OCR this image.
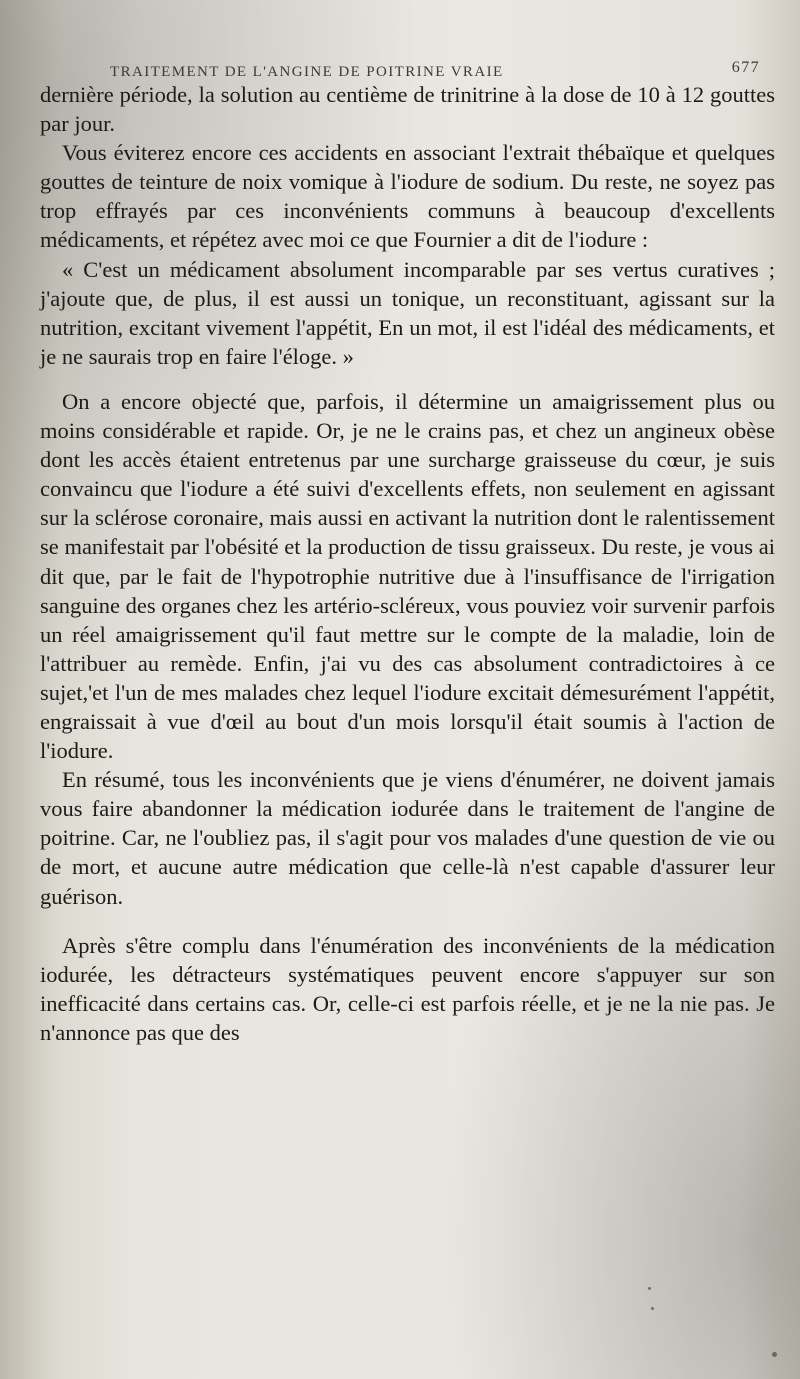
TRAITEMENT DE L'ANGINE DE POITRINE VRAIE	677

dernière période, la solution au centième de trinitrine à la dose de 10 à 12 gouttes par jour.

Vous éviterez encore ces accidents en associant l'extrait thébaïque et quelques gouttes de teinture de noix vomique à l'iodure de sodium. Du reste, ne soyez pas trop effrayés par ces inconvénients communs à beaucoup d'excellents médicaments, et répétez avec moi ce que Fournier a dit de l'iodure :

« C'est un médicament absolument incomparable par ses vertus curatives ; j'ajoute que, de plus, il est aussi un tonique, un reconstituant, agissant sur la nutrition, excitant vivement l'appétit, En un mot, il est l'idéal des médicaments, et je ne saurais trop en faire l'éloge. »

On a encore objecté que, parfois, il détermine un amaigrissement plus ou moins considérable et rapide. Or, je ne le crains pas, et chez un angineux obèse dont les accès étaient entretenus par une surcharge graisseuse du cœur, je suis convaincu que l'iodure a été suivi d'excellents effets, non seulement en agissant sur la sclérose coronaire, mais aussi en activant la nutrition dont le ralentissement se manifestait par l'obésité et la production de tissu graisseux. Du reste, je vous ai dit que, par le fait de l'hypotrophie nutritive due à l'insuffisance de l'irrigation sanguine des organes chez les artério-scléreux, vous pouviez voir survenir parfois un réel amaigrissement qu'il faut mettre sur le compte de la maladie, loin de l'attribuer au remède. Enfin, j'ai vu des cas absolument contradictoires à ce sujet,'et l'un de mes malades chez lequel l'iodure excitait démesurément l'appétit, engraissait à vue d'œil au bout d'un mois lorsqu'il était soumis à l'action de l'iodure.

En résumé, tous les inconvénients que je viens d'énumérer, ne doivent jamais vous faire abandonner la médication iodurée dans le traitement de l'angine de poitrine. Car, ne l'oubliez pas, il s'agit pour vos malades d'une question de vie ou de mort, et aucune autre médication que celle-là n'est capable d'assurer leur guérison.

Après s'être complu dans l'énumération des inconvénients de la médication iodurée, les détracteurs systématiques peuvent encore s'appuyer sur son inefficacité dans certains cas. Or, celle-ci est parfois réelle, et je ne la nie pas. Je n'annonce pas que des
